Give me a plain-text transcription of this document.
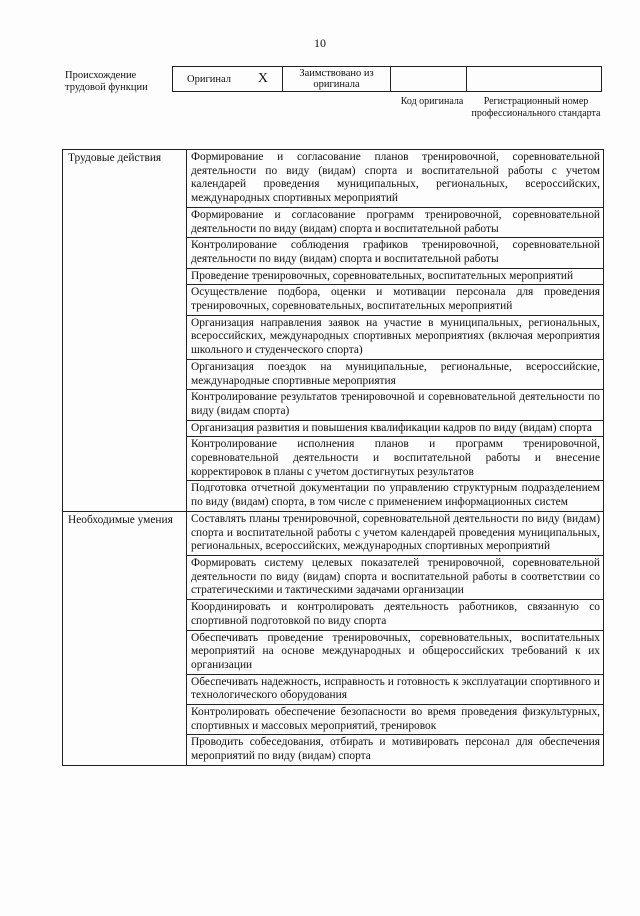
10
Происхождение трудовой функции
Оригинал X	Заимствовано из оригинала
Код оригинала	Регистрационный номер профессионального стандарта
Трудовые действия	Формирование и согласование планов тренировочной, соревновательной деятельности по виду (видам) спорта и воспитательной работы с учетом календарей проведения муниципальных, региональных, всероссийских, международных спортивных мероприятий
	Формирование и согласование программ тренировочной, соревновательной деятельности по виду (видам) спорта и воспитательной работы
	Контролирование соблюдения графиков тренировочной, соревновательной деятельности по виду (видам) спорта и воспитательной работы
	Проведение тренировочных, соревновательных, воспитательных мероприятий
	Осуществление подбора, оценки и мотивации персонала для проведения тренировочных, соревновательных, воспитательных мероприятий
	Организация направления заявок на участие в муниципальных, региональных, всероссийских, международных спортивных мероприятиях (включая мероприятия школьного и студенческого спорта)
	Организация поездок на муниципальные, региональные, всероссийские, международные спортивные мероприятия
	Контролирование результатов тренировочной и соревновательной деятельности по виду (видам спорта)
	Организация развития и повышения квалификации кадров по виду (видам) спорта
	Контролирование исполнения планов и программ тренировочной, соревновательной деятельности и воспитательной работы и внесение корректировок в планы с учетом достигнутых результатов
	Подготовка отчетной документации по управлению структурным подразделением по виду (видам) спорта, в том числе с применением информационных систем
Необходимые умения	Составлять планы тренировочной, соревновательной деятельности по виду (видам) спорта и воспитательной работы с учетом календарей проведения муниципальных, региональных, всероссийских, международных спортивных мероприятий
	Формировать систему целевых показателей тренировочной, соревновательной деятельности по виду (видам) спорта и воспитательной работы в соответствии со стратегическими и тактическими задачами организации
	Координировать и контролировать деятельность работников, связанную со спортивной подготовкой по виду спорта
	Обеспечивать проведение тренировочных, соревновательных, воспитательных мероприятий на основе международных и общероссийских требований к их организации
	Обеспечивать надежность, исправность и готовность к эксплуатации спортивного и технологического оборудования
	Контролировать обеспечение безопасности во время проведения физкультурных, спортивных и массовых мероприятий, тренировок
	Проводить собеседования, отбирать и мотивировать персонал для обеспечения мероприятий по виду (видам) спорта
